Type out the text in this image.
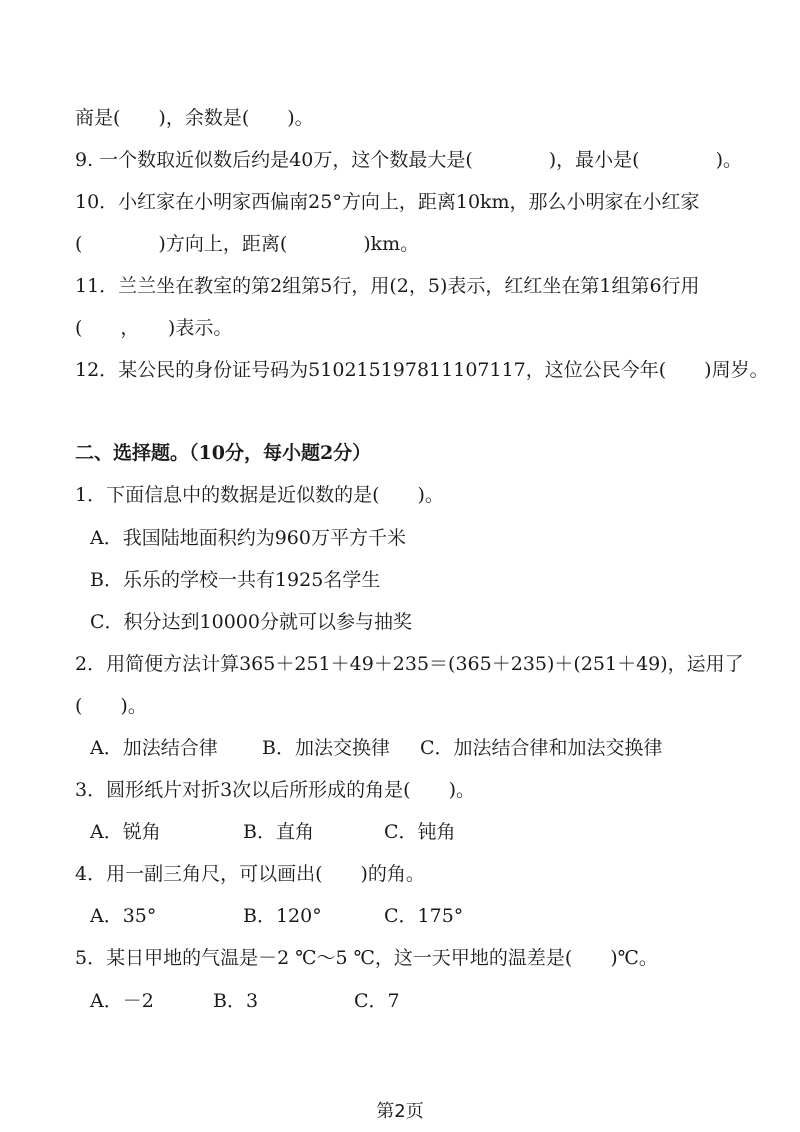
商是(　　)，余数是(　　)。
9. 一个数取近似数后约是40万，这个数最大是(　　　　)，最小是(　　　　)。
10．小红家在小明家西偏南25°方向上，距离10km，那么小明家在小红家
(　　　　)方向上，距离(　　　　)km。
11．兰兰坐在教室的第2组第5行，用(2，5)表示，红红坐在第1组第6行用
(　　，　　)表示。
12．某公民的身份证号码为510215197811107117，这位公民今年(　　)周岁。
二、选择题。（10分，每小题2分）
1．下面信息中的数据是近似数的是(　　)。
A．我国陆地面积约为960万平方千米
B．乐乐的学校一共有1925名学生
C．积分达到10000分就可以参与抽奖
2．用简便方法计算365＋251＋49＋235＝(365＋235)＋(251＋49)，运用了
(　　)。
A．加法结合律 B．加法交换律 C．加法结合律和加法交换律
3．圆形纸片对折3次以后所形成的角是(　　)。
A．锐角	B．直角	C．钝角
4．用一副三角尺，可以画出(　　)的角。
A．35°	B．120°	C．175°
5．某日甲地的气温是－2 ℃～5 ℃，这一天甲地的温差是(　　)℃。
A．－2	B．3	C．7
第2页
